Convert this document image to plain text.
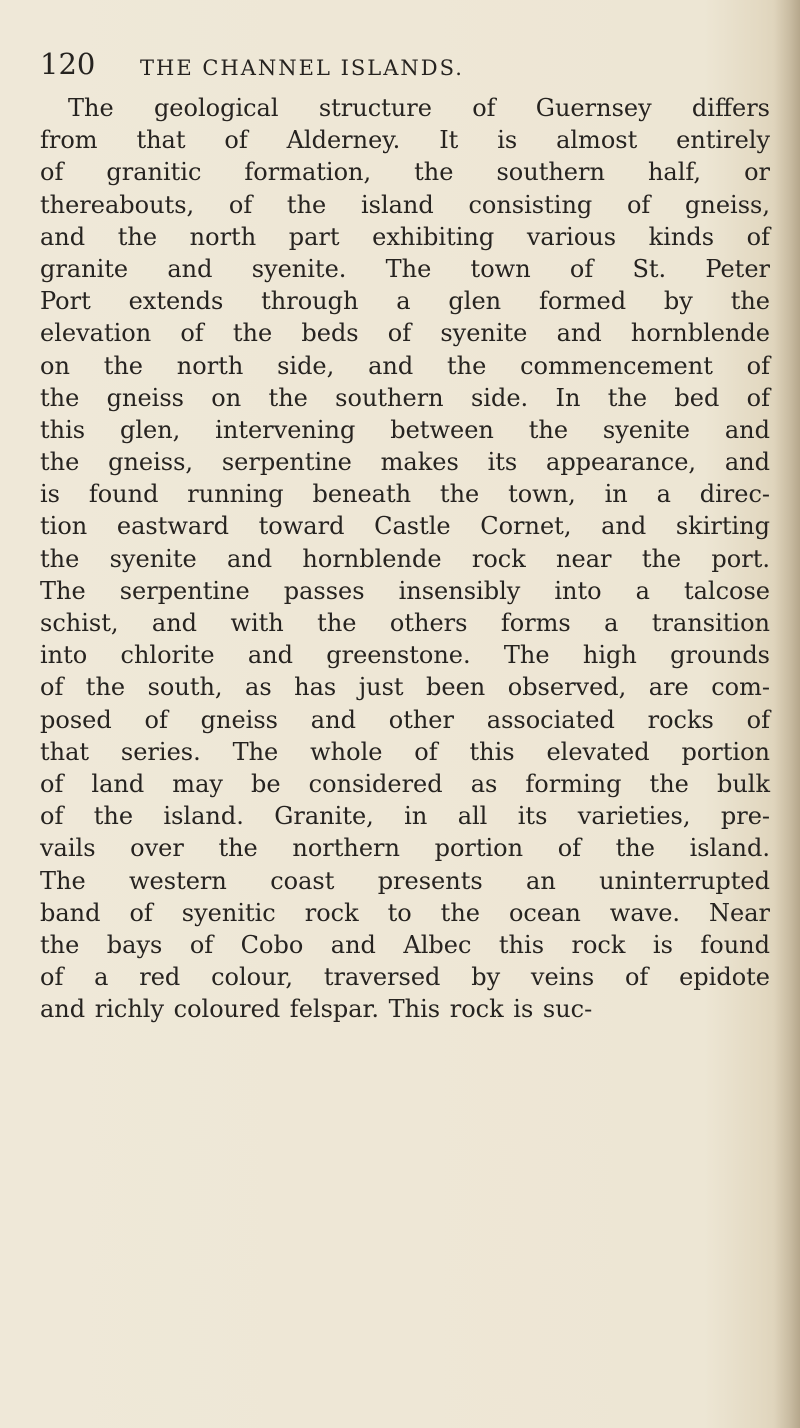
120 THE CHANNEL ISLANDS.
The geological structure of Guernsey differs
from that of Alderney. It is almost entirely
of granitic formation, the southern half, or
thereabouts, of the island consisting of gneiss,
and the north part exhibiting various kinds of
granite and syenite. The town of St. Peter
Port extends through a glen formed by the
elevation of the beds of syenite and hornblende
on the north side, and the commencement of
the gneiss on the southern side. In the bed of
this glen, intervening between the syenite and
the gneiss, serpentine makes its appearance, and
is found running beneath the town, in a direc-
tion eastward toward Castle Cornet, and skirting
the syenite and hornblende rock near the port.
The serpentine passes insensibly into a talcose
schist, and with the others forms a transition
into chlorite and greenstone. The high grounds
of the south, as has just been observed, are com-
posed of gneiss and other associated rocks of
that series. The whole of this elevated portion
of land may be considered as forming the bulk
of the island. Granite, in all its varieties, pre-
vails over the northern portion of the island.
The western coast presents an uninterrupted
band of syenitic rock to the ocean wave. Near
the bays of Cobo and Albec this rock is found
of a red colour, traversed by veins of epidote
and richly coloured felspar. This rock is suc-
